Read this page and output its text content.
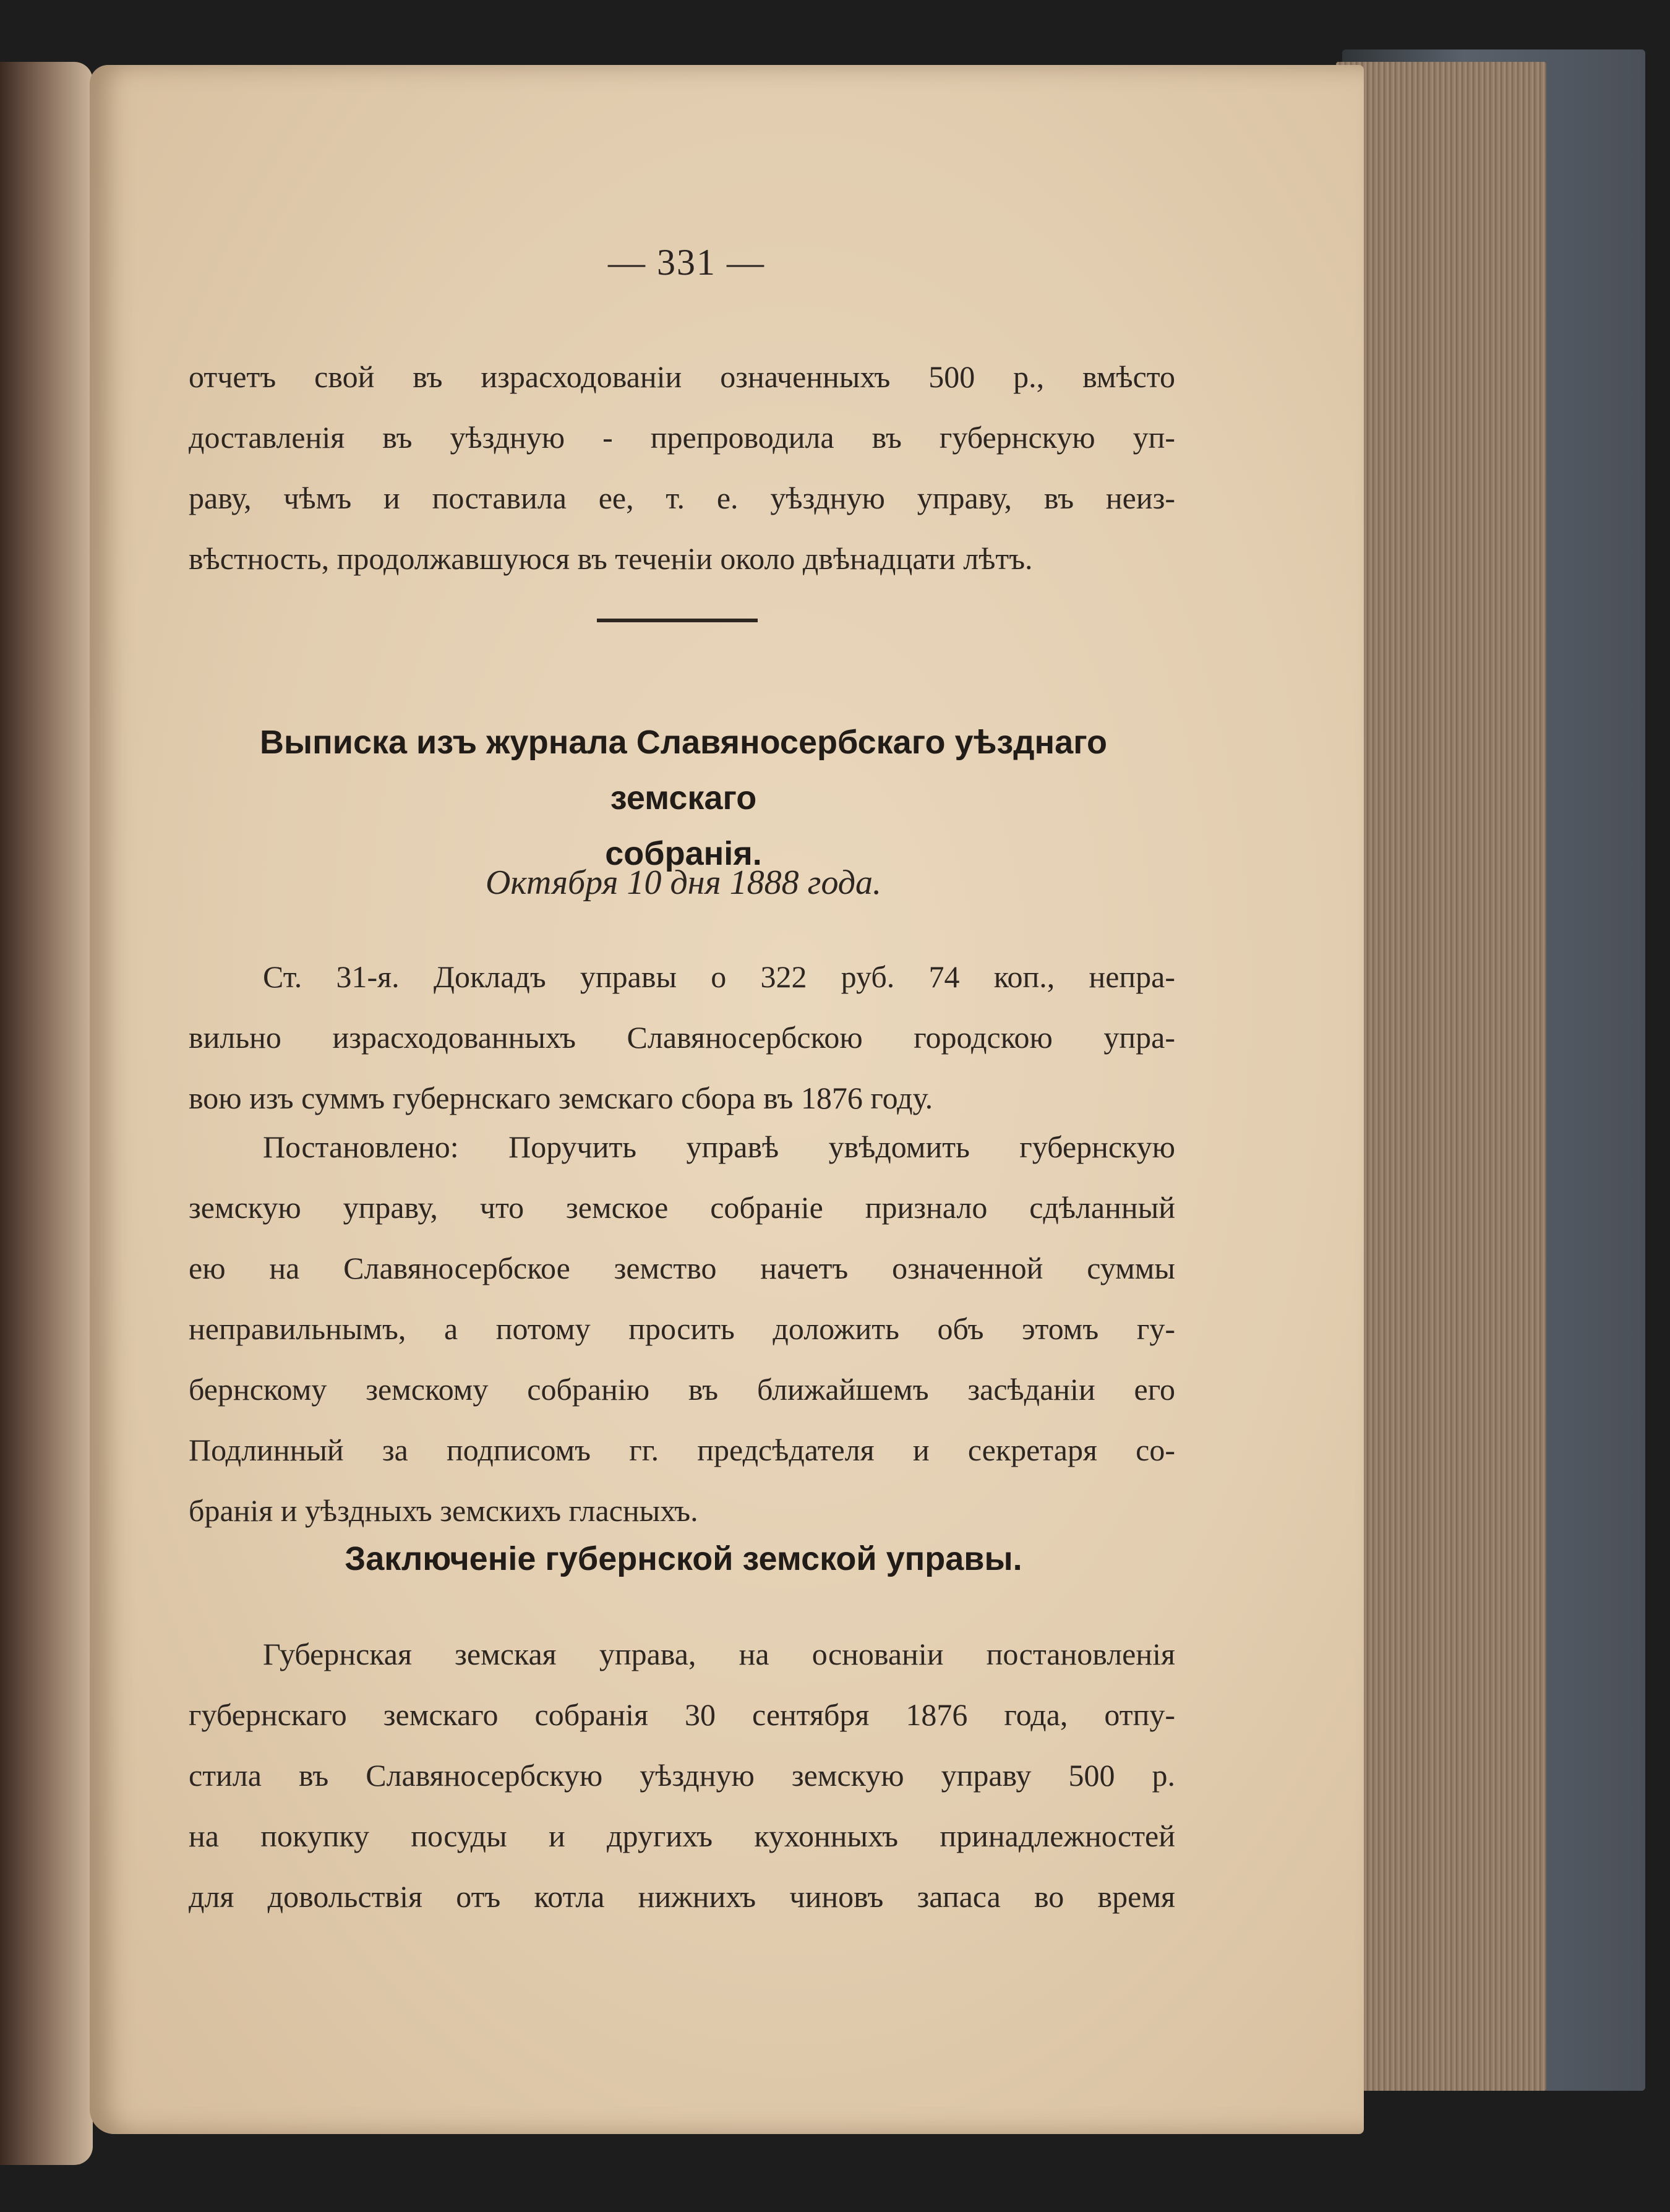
— 331 —

отчетъ свой въ израсходованіи означенныхъ 500 р., вмѣсто
доставленія въ уѣздную - препроводила въ губернскую уп-
раву, чѣмъ и поставила ее, т. е. уѣздную управу, въ неиз-
вѣстность, продолжавшуюся въ теченіи около двѣнадцати лѣтъ.

Выписка изъ журнала Славяносербскаго уѣзднаго земскаго
собранія.
Октября 10 дня 1888 года.

Ст. 31-я. Докладъ управы о 322 руб. 74 коп., непра-
вильно израсходованныхъ Славяносербскою городскою упра-
вою изъ суммъ губернскаго земскаго сбора въ 1876 году.

Постановлено: Поручить управѣ увѣдомить губернскую
земскую управу, что земское собраніе признало сдѣланный
ею на Славяносербское земство начетъ означенной суммы
неправильнымъ, а потому просить доложить объ этомъ гу-
бернскому земскому собранію въ ближайшемъ засѣданіи его
Подлинный за подписомъ гг. предсѣдателя и секретаря со-
бранія и уѣздныхъ земскихъ гласныхъ.

Заключеніе губернской земской управы.

Губернская земская управа, на основаніи постановленія
губернскаго земскаго собранія 30 сентября 1876 года, отпу-
стила въ Славяносербскую уѣздную земскую управу 500 р.
на покупку посуды и другихъ кухонныхъ принадлежностей
для довольствія отъ котла нижнихъ чиновъ запаса во время
